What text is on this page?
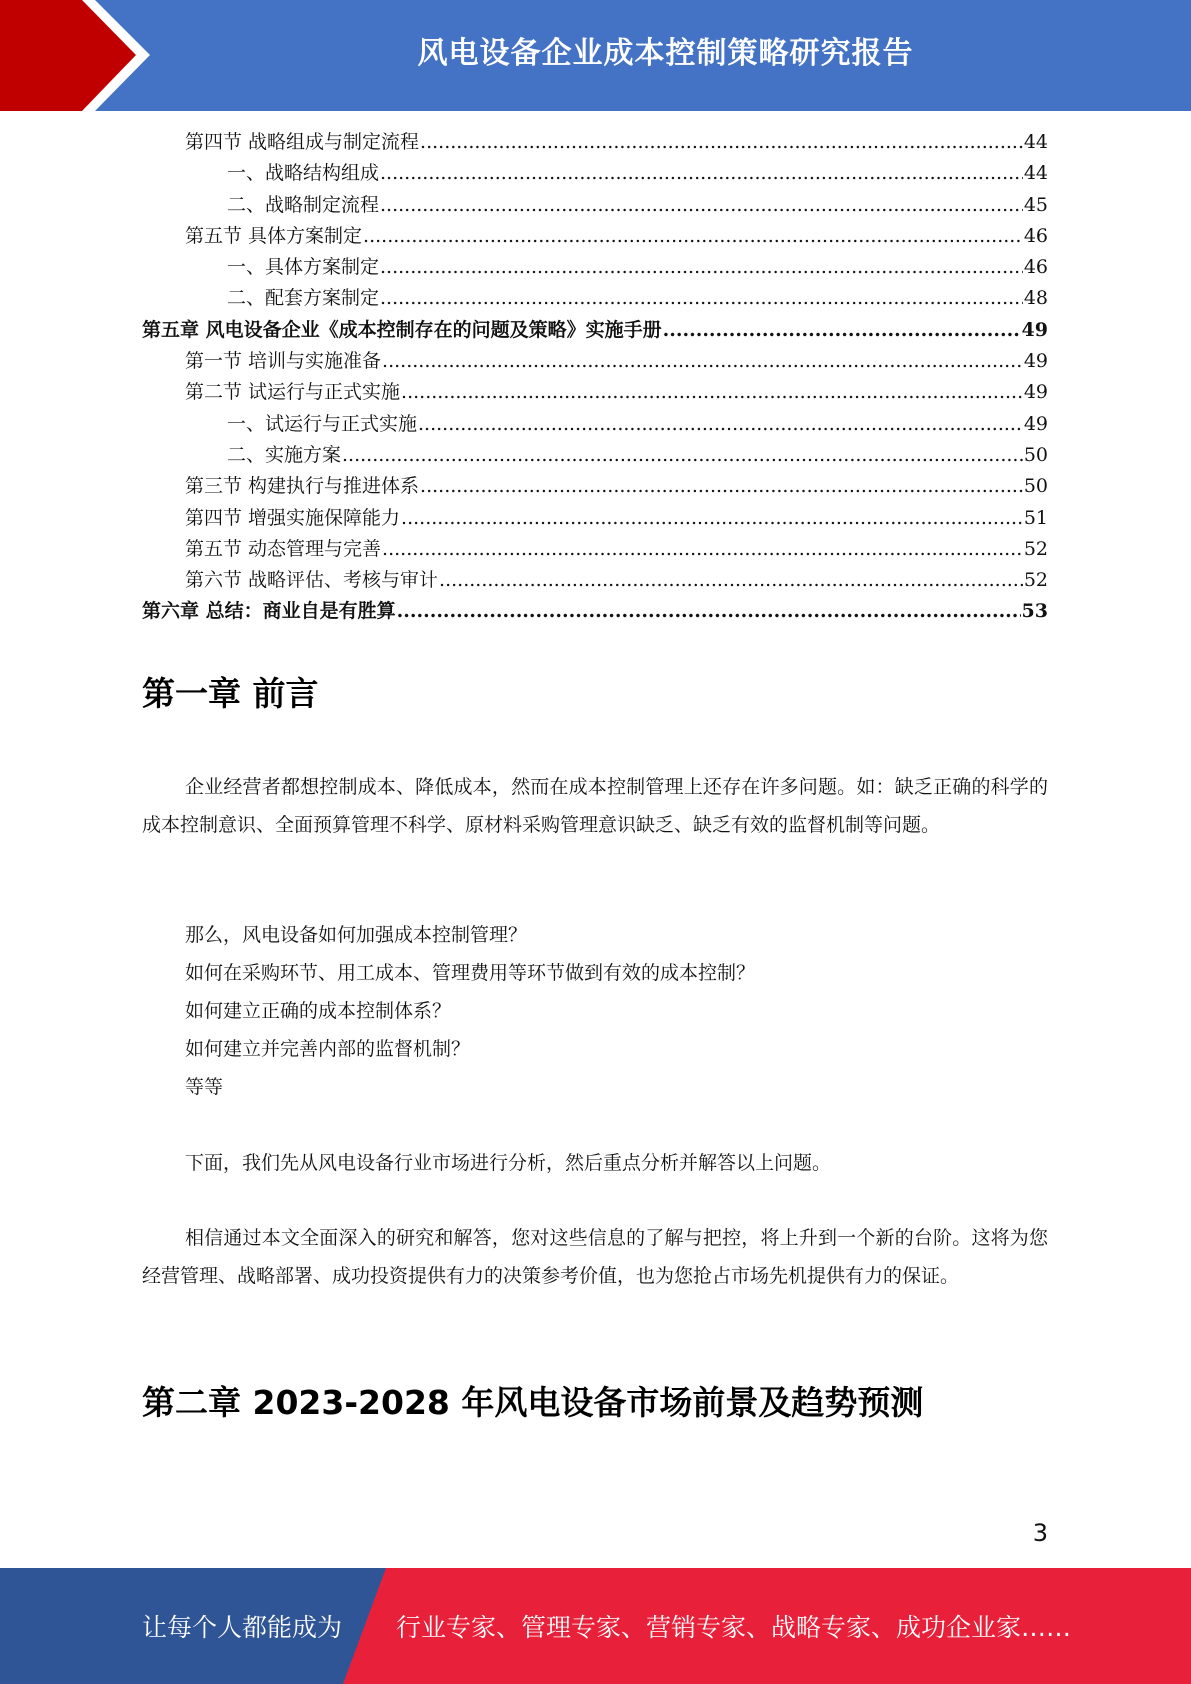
风电设备企业成本控制策略研究报告
第四节 战略组成与制定流程 .....	44
一、战略结构组成 .....	44
二、战略制定流程 .....	45
第五节 具体方案制定 .....	46
一、具体方案制定 .....	46
二、配套方案制定 .....	48
第五章 风电设备企业《成本控制存在的问题及策略》实施手册 .....	49
第一节 培训与实施准备 .....	49
第二节 试运行与正式实施 .....	49
一、试运行与正式实施 .....	49
二、实施方案 .....	50
第三节 构建执行与推进体系 .....	50
第四节 增强实施保障能力 .....	51
第五节 动态管理与完善 .....	52
第六节 战略评估、考核与审计 .....	52
第六章 总结：商业自是有胜算 .....	53
第一章 前言

企业经营者都想控制成本、降低成本，然而在成本控制管理上还存在许多问题。如：缺乏正确的科学的成本控制意识、全面预算管理不科学、原材料采购管理意识缺乏、缺乏有效的监督机制等问题。

那么，风电设备如何加强成本控制管理？

如何在采购环节、用工成本、管理费用等环节做到有效的成本控制？

如何建立正确的成本控制体系？

如何建立并完善内部的监督机制？

等等

下面，我们先从风电设备行业市场进行分析，然后重点分析并解答以上问题。

相信通过本文全面深入的研究和解答，您对这些信息的了解与把控，将上升到一个新的台阶。这将为您经营管理、战略部署、成功投资提供有力的决策参考价值，也为您抢占市场先机提供有力的保证。

第二章 2023-2028 年风电设备市场前景及趋势预测
3
让每个人都能成为 行业专家、管理专家、营销专家、战略专家、成功企业家……
